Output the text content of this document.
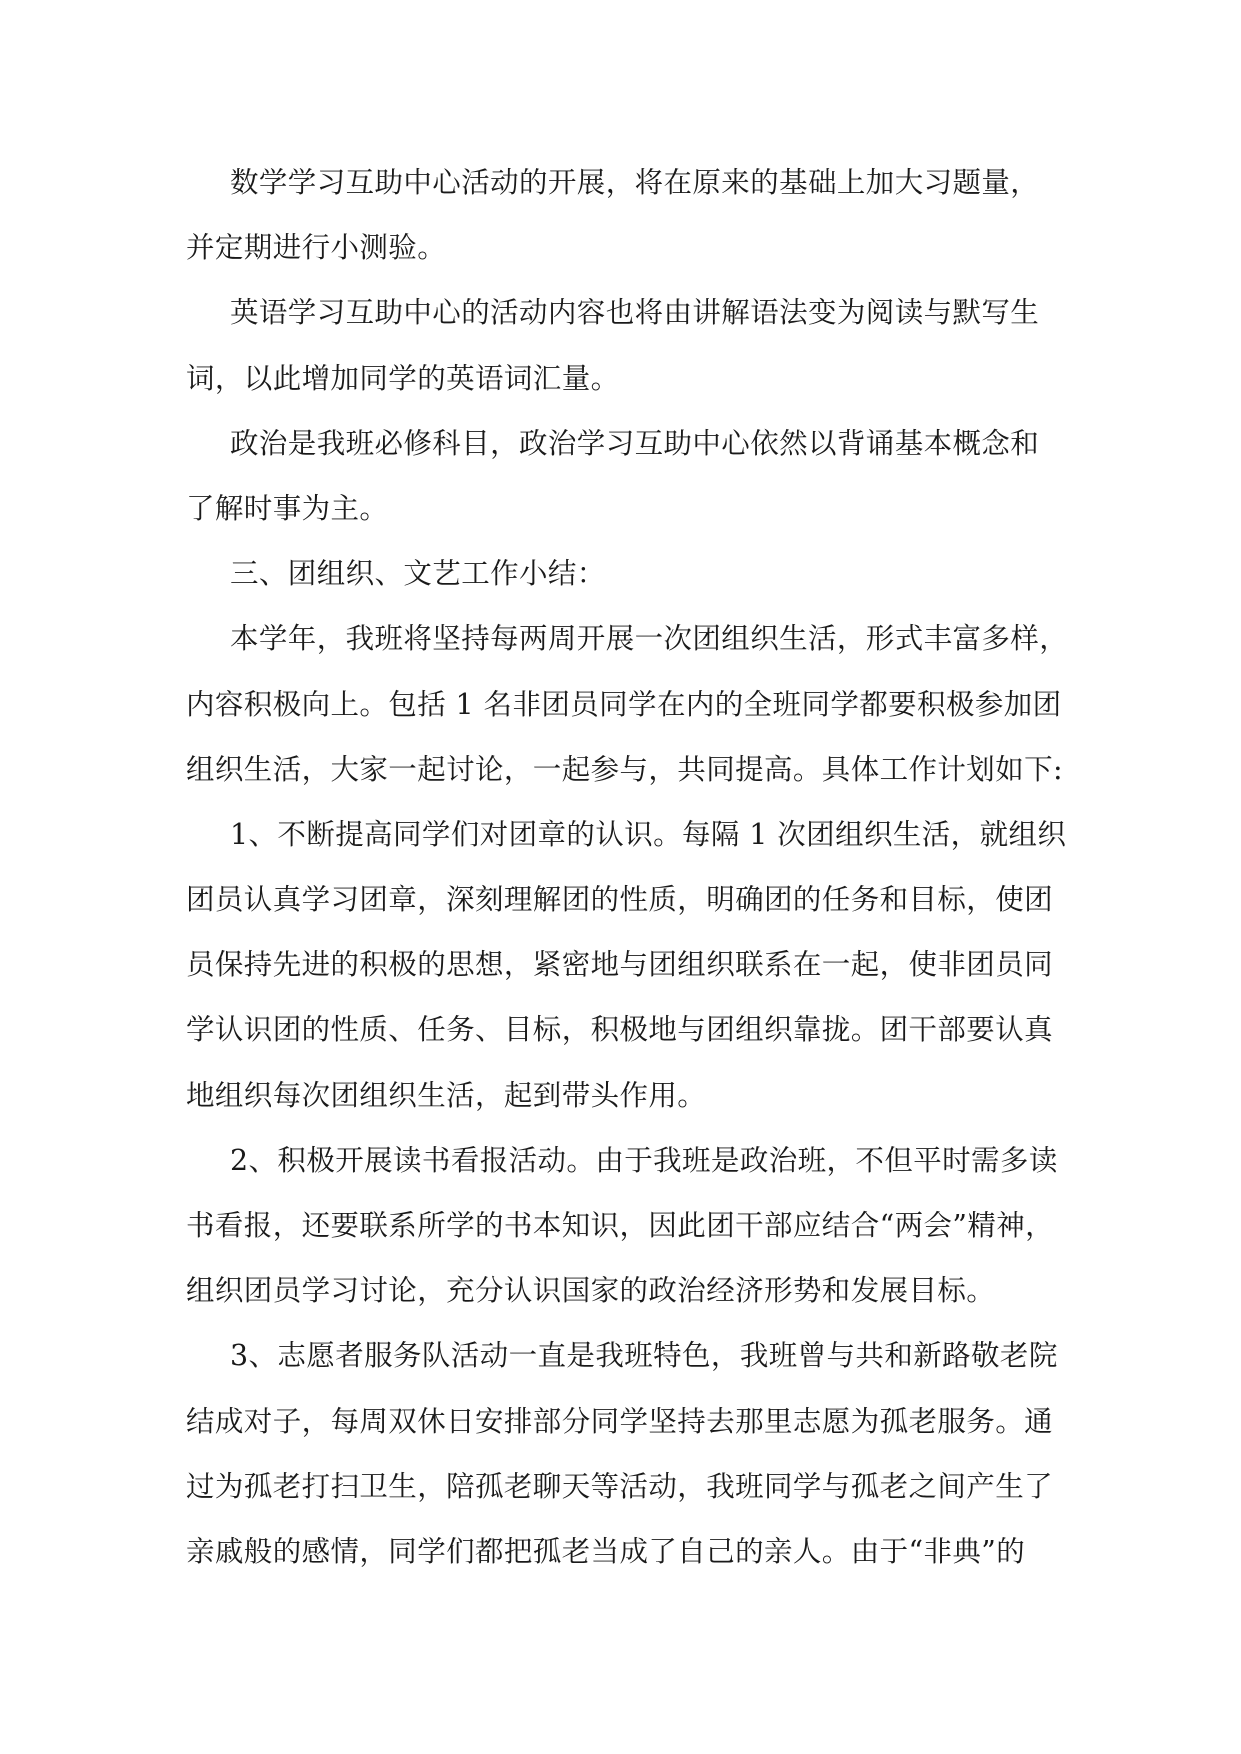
数学学习互助中心活动的开展，将在原来的基础上加大习题量，
并定期进行小测验。
英语学习互助中心的活动内容也将由讲解语法变为阅读与默写生
词，以此增加同学的英语词汇量。
政治是我班必修科目，政治学习互助中心依然以背诵基本概念和
了解时事为主。
三、团组织、文艺工作小结：
本学年，我班将坚持每两周开展一次团组织生活，形式丰富多样，
内容积极向上。包括 1 名非团员同学在内的全班同学都要积极参加团
组织生活，大家一起讨论，一起参与，共同提高。具体工作计划如下:
1、不断提高同学们对团章的认识。每隔 1 次团组织生活，就组织
团员认真学习团章，深刻理解团的性质，明确团的任务和目标，使团
员保持先进的积极的思想，紧密地与团组织联系在一起，使非团员同
学认识团的性质、任务、目标，积极地与团组织靠拢。团干部要认真
地组织每次团组织生活，起到带头作用。
2、积极开展读书看报活动。由于我班是政治班，不但平时需多读
书看报，还要联系所学的书本知识，因此团干部应结合“两会”精神，
组织团员学习讨论，充分认识国家的政治经济形势和发展目标。
3、志愿者服务队活动一直是我班特色，我班曾与共和新路敬老院
结成对子，每周双休日安排部分同学坚持去那里志愿为孤老服务。通
过为孤老打扫卫生，陪孤老聊天等活动，我班同学与孤老之间产生了
亲戚般的感情，同学们都把孤老当成了自己的亲人。由于“非典”的
